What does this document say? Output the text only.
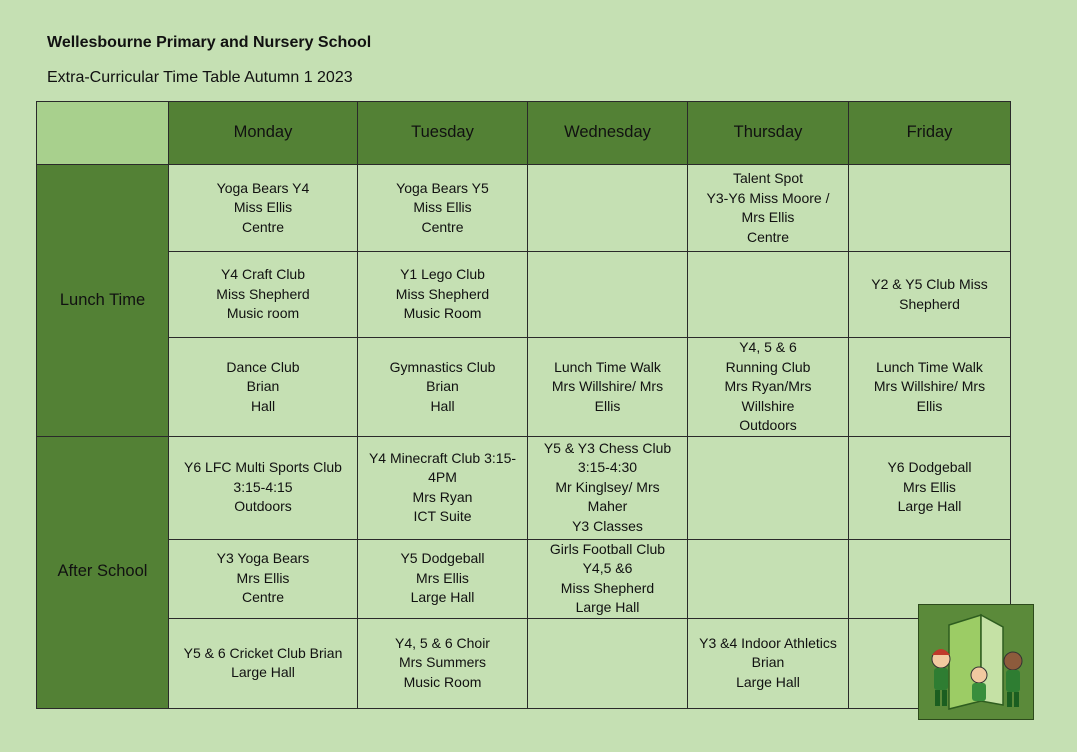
Wellesbourne Primary and Nursery School
Extra-Curricular Time Table Autumn 1 2023
	Monday	Tuesday	Wednesday	Thursday	Friday
Lunch Time	Yoga Bears Y4
Miss Ellis
Centre	Yoga Bears Y5
Miss Ellis
Centre		Talent Spot
Y3-Y6 Miss Moore /
Mrs Ellis
Centre	

	Y4 Craft Club
Miss Shepherd
Music room	Y1 Lego Club
Miss Shepherd
Music Room			Y2 & Y5 Club Miss
Shepherd

	Dance Club
Brian
Hall	Gymnastics Club
Brian
Hall	Lunch Time Walk
Mrs Willshire/ Mrs
Ellis	Y4, 5 & 6
Running Club
Mrs Ryan/Mrs
Willshire
Outdoors	Lunch Time Walk
Mrs Willshire/ Mrs
Ellis

After School	Y6 LFC Multi Sports Club
3:15-4:15
Outdoors	Y4 Minecraft Club 3:15-
4PM
Mrs Ryan
ICT Suite	Y5 & Y3 Chess Club
3:15-4:30
Mr Kinglsey/ Mrs
Maher
Y3 Classes		Y6 Dodgeball
Mrs Ellis
Large Hall

	Y3 Yoga Bears
Mrs Ellis
Centre	Y5 Dodgeball
Mrs Ellis
Large Hall	Girls Football Club
Y4,5 &6
Miss Shepherd
Large Hall		

	Y5 & 6 Cricket Club Brian
Large Hall	Y4, 5 & 6 Choir
Mrs Summers
Music Room		Y3 &4 Indoor Athletics
Brian
Large Hall	
